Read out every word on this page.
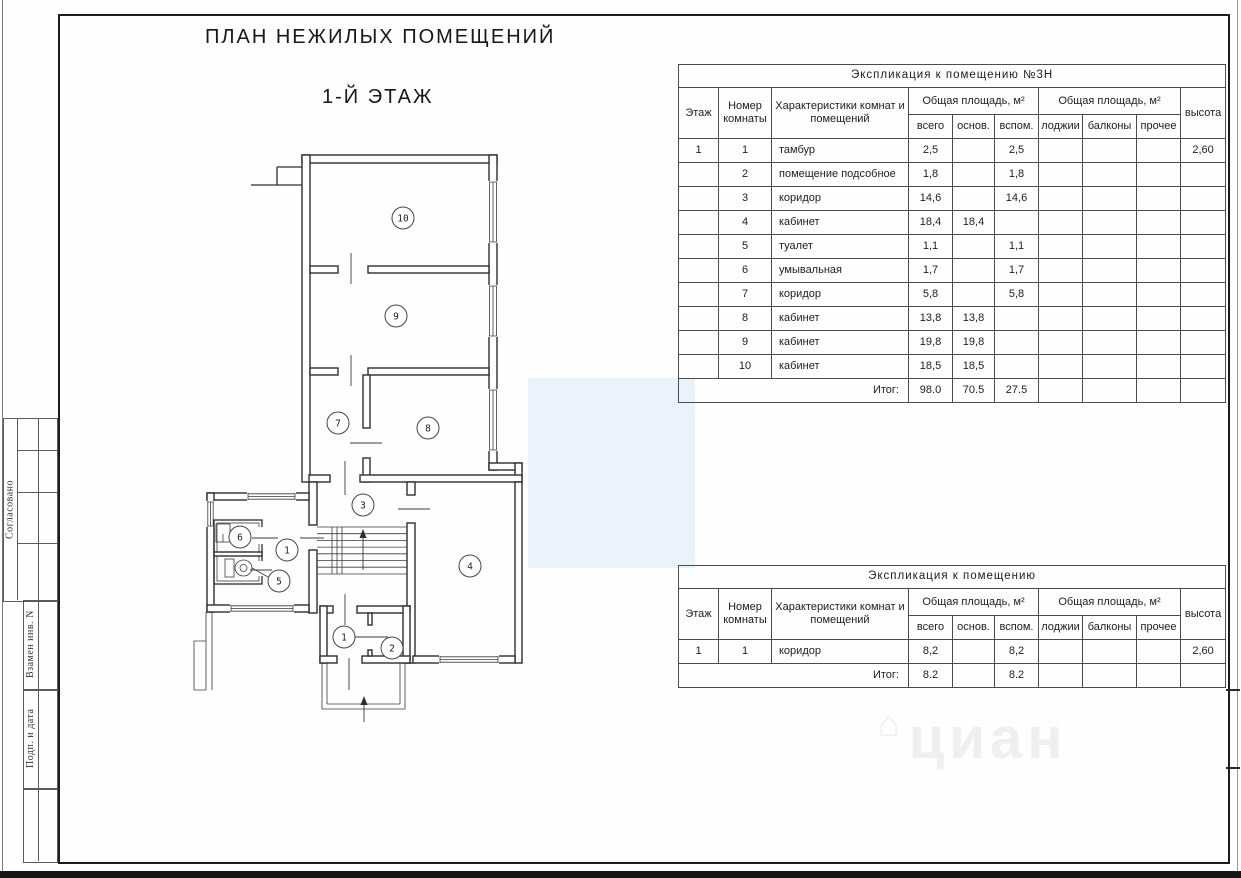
ПЛАН НЕЖИЛЫХ ПОМЕЩЕНИЙ
1-Й ЭТАЖ
10
9
7	8
3
4
6
1
5
1
2
Экспликация к помещению №3Н									
Этаж	Номер комнаты	Характеристики комнат и помещений	Общая площадь, м²			Общая площадь, м²			высота
			всего	основ.	вспом.	лоджии	балконы	прочее	
1	1	тамбур	2,5		2,5				2,60
	2	помещение подсобное	1,8		1,8				
	3	коридор	14,6		14,6				
	4	кабинет	18,4	18,4					
	5	туалет	1,1		1,1				
	6	умывальная	1,7		1,7				
	7	коридор	5,8		5,8				
	8	кабинет	13,8	13,8					
	9	кабинет	19,8	19,8					
	10	кабинет	18,5	18,5					
Итог:			98.0	70.5	27.5				
Экспликация к помещению									
Этаж	Номер комнаты	Характеристики комнат и помещений	Общая площадь, м²			Общая площадь, м²			высота
			всего	основ.	вспом.	лоджии	балконы	прочее	
1	1	коридор	8,2		8,2				2,60
Итог:			8.2		8.2				
Согласовано
Взамен инв. N
Подп. и дата	⌂ циан
